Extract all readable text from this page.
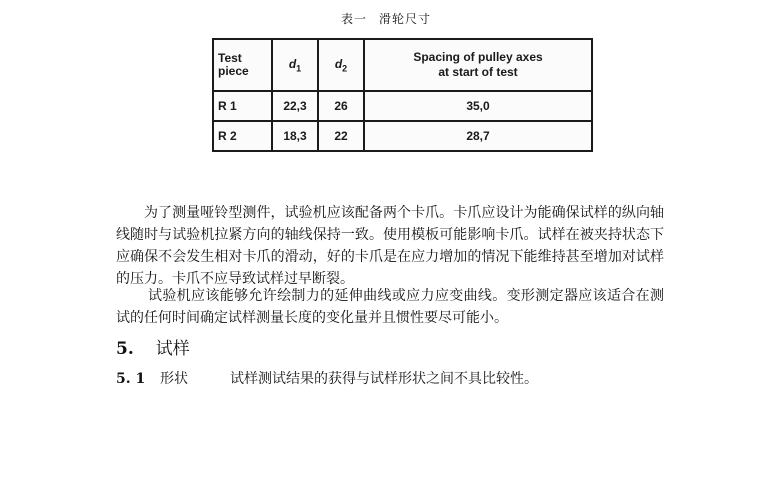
表一 滑轮尺寸
Test
piece	$d_1$	$d_2$	Spacing of pulley axes
at start of test
R 1	22,3	26	35,0
R 2	18,3	22	28,7

为了测量哑铃型测件，试验机应该配备两个卡爪。卡爪应设计为能确保试样的纵向轴线随时与试验机拉紧方向的轴线保持一致。使用模板可能影响卡爪。试样在被夹持状态下应确保不会发生相对卡爪的滑动，好的卡爪是在应力增加的情况下能维持甚至增加对试样的压力。卡爪不应导致试样过早断裂。

试验机应该能够允许绘制力的延伸曲线或应力应变曲线。变形测定器应该适合在测试的任何时间确定试样测量长度的变化量并且惯性要尽可能小。

5. 试样
5. 1 形状	试样测试结果的获得与试样形状之间不具比较性。
